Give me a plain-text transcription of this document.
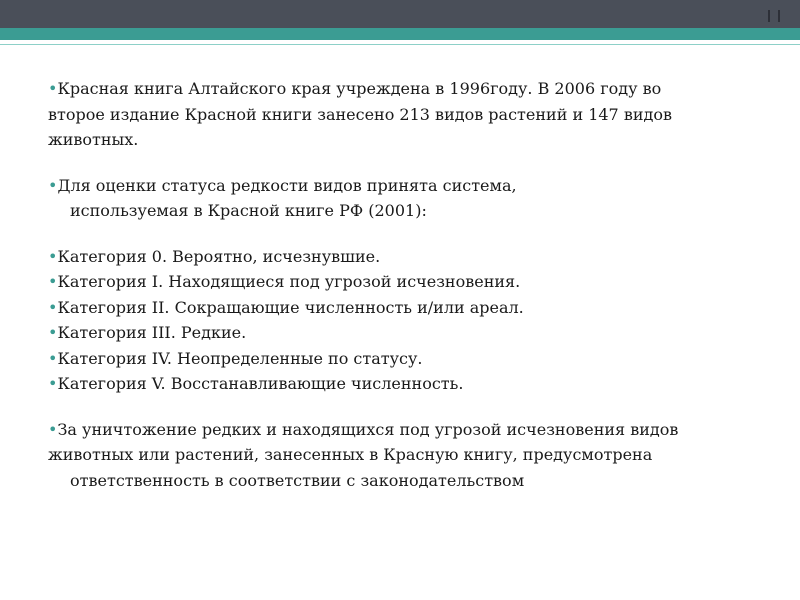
•Красная книга Алтайского края учреждена в 1996году. В 2006 году во
второе издание Красной книги занесено 213 видов растений и 147 видов
животных.
•Для оценки статуса редкости видов принята система,
используемая в Красной книге РФ (2001):
•Категория 0. Вероятно, исчезнувшие.
•Категория I. Находящиеся под угрозой исчезновения.
•Категория II. Сокращающие численность и/или ареал.
•Категория III. Редкие.
•Категория IV. Неопределенные по статусу.
•Категория V. Восстанавливающие численность.
•За уничтожение редких и находящихся под угрозой исчезновения видов
животных или растений, занесенных в Красную книгу, предусмотрена
ответственность в соответствии с законодательством
